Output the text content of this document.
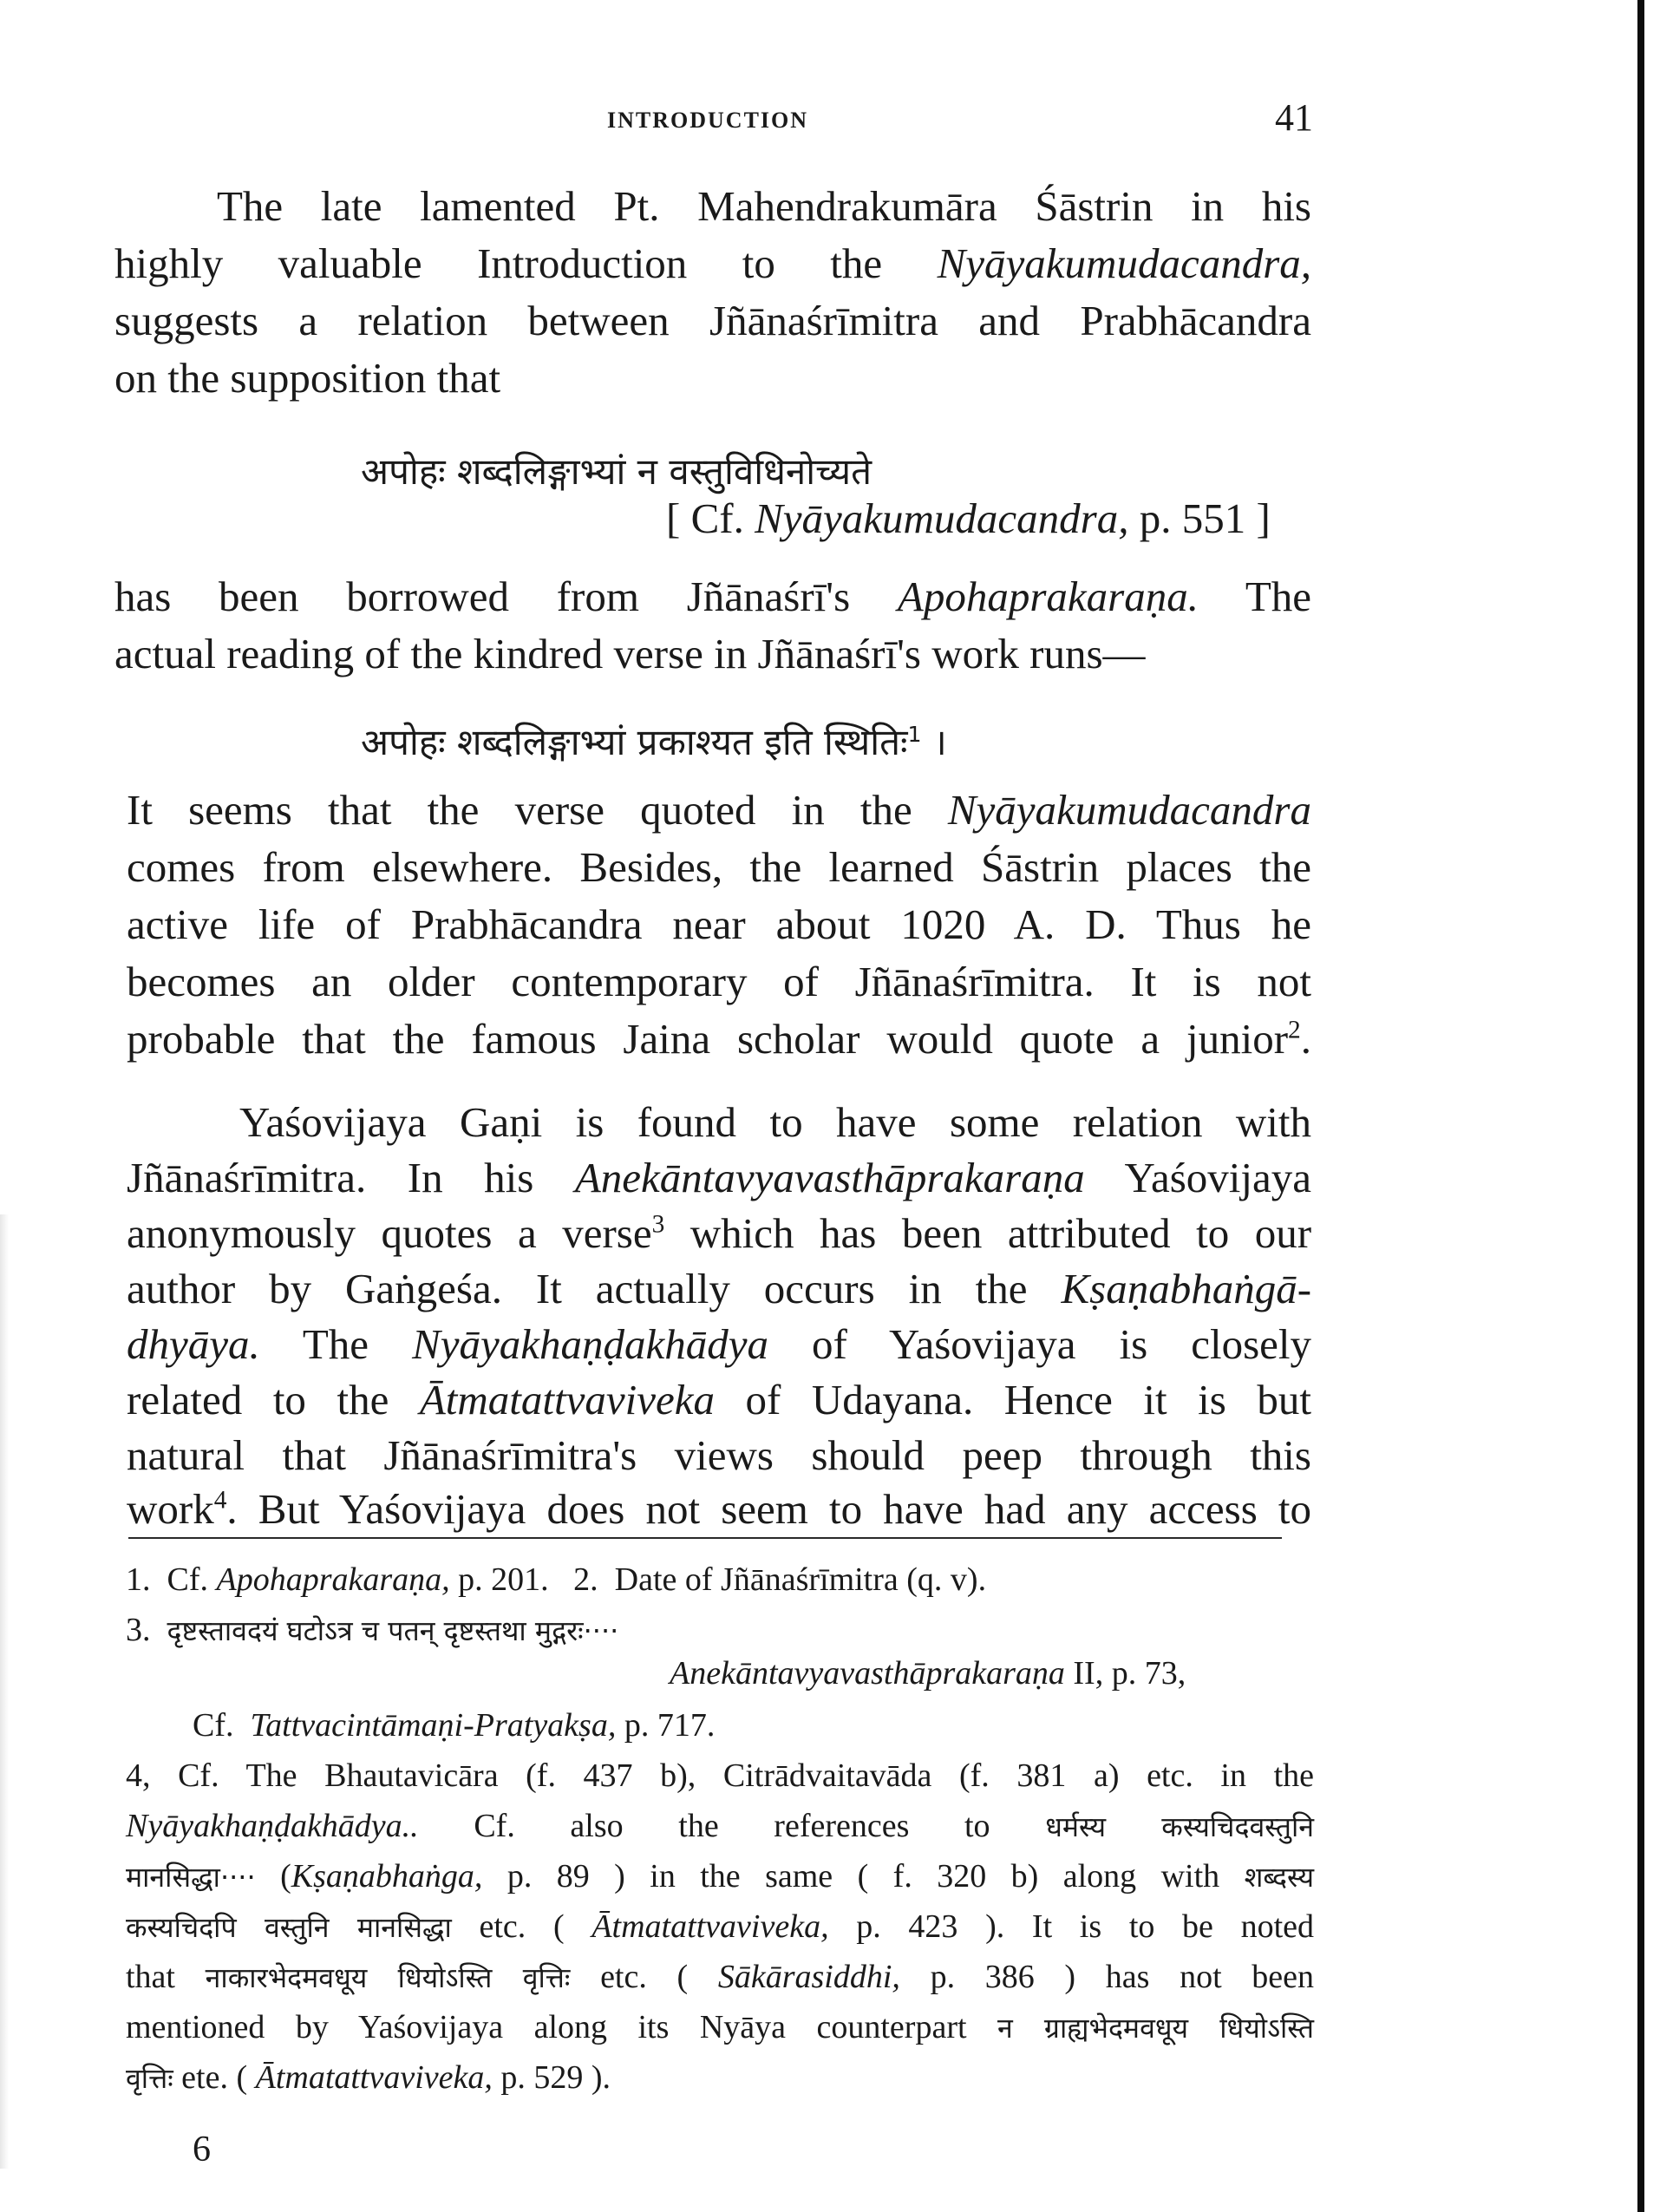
INTRODUCTION	41
The late lamented Pt. Mahendrakumāra Śāstrin in his
highly valuable Introduction to the Nyāyakumudacandra,
suggests a relation between Jñānaśrīmitra and Prabhācandra
on the supposition that
अपोहः शब्दलिङ्गाभ्यां न वस्तुविधिनोच्यते
[ Cf. Nyāyakumudacandra, p. 551 ]
has been borrowed from Jñānaśrī's Apohaprakaraṇa. The
actual reading of the kindred verse in Jñānaśrī's work runs—
अपोहः शब्दलिङ्गाभ्यां प्रकाश्यत इति स्थितिः$^1$ ।
It seems that the verse quoted in the Nyāyakumudacandra
comes from elsewhere. Besides, the learned Śāstrin places the
active life of Prabhācandra near about 1020 A. D. Thus he
becomes an older contemporary of Jñānaśrīmitra. It is not
probable that the famous Jaina scholar would quote a junior$^2$.
Yaśovijaya Gaṇi is found to have some relation with
Jñānaśrīmitra. In his Anekāntavyavasthāprakaraṇa Yaśovijaya
anonymously quotes a verse$^3$ which has been attributed to our
author by Gaṅgeśa. It actually occurs in the Kṣaṇabhaṅgā-
dhyāya. The Nyāyakhaṇḍakhādya of Yaśovijaya is closely
related to the Ātmatattvaviveka of Udayana. Hence it is but
natural that Jñānaśrīmitra's views should peep through this
work$^4$. But Yaśovijaya does not seem to have had any access to
1. Cf. Apohaprakaraṇa, p. 201. 2. Date of Jñānaśrīmitra (q. v).
3. दृष्टस्तावदयं घटोऽत्र च पतन् दृष्टस्तथा मुद्गरः····
Anekāntavyavasthāprakaraṇa II, p. 73,
Cf. Tattvacintāmaṇi-Pratyakṣa, p. 717.
4, Cf. The Bhautavicāra (f. 437 b), Citrādvaitavāda (f. 381 a) etc. in the
Nyāyakhaṇḍakhādya.. Cf. also the references to धर्मस्य कस्यचिदवस्तुनि
मानसिद्धा···· (Kṣaṇabhaṅga, p. 89 ) in the same ( f. 320 b) along with शब्दस्य
कस्यचिदपि वस्तुनि मानसिद्धा etc. ( Ātmatattvaviveka, p. 423 ). It is to be noted
that नाकारभेदमवधूय धियोऽस्ति वृत्तिः etc. ( Sākārasiddhi, p. 386 ) has not been
mentioned by Yaśovijaya along its Nyāya counterpart न ग्राह्यभेदमवधूय धियोऽस्ति
वृत्तिः ete. ( Ātmatattvaviveka, p. 529 ).
6
